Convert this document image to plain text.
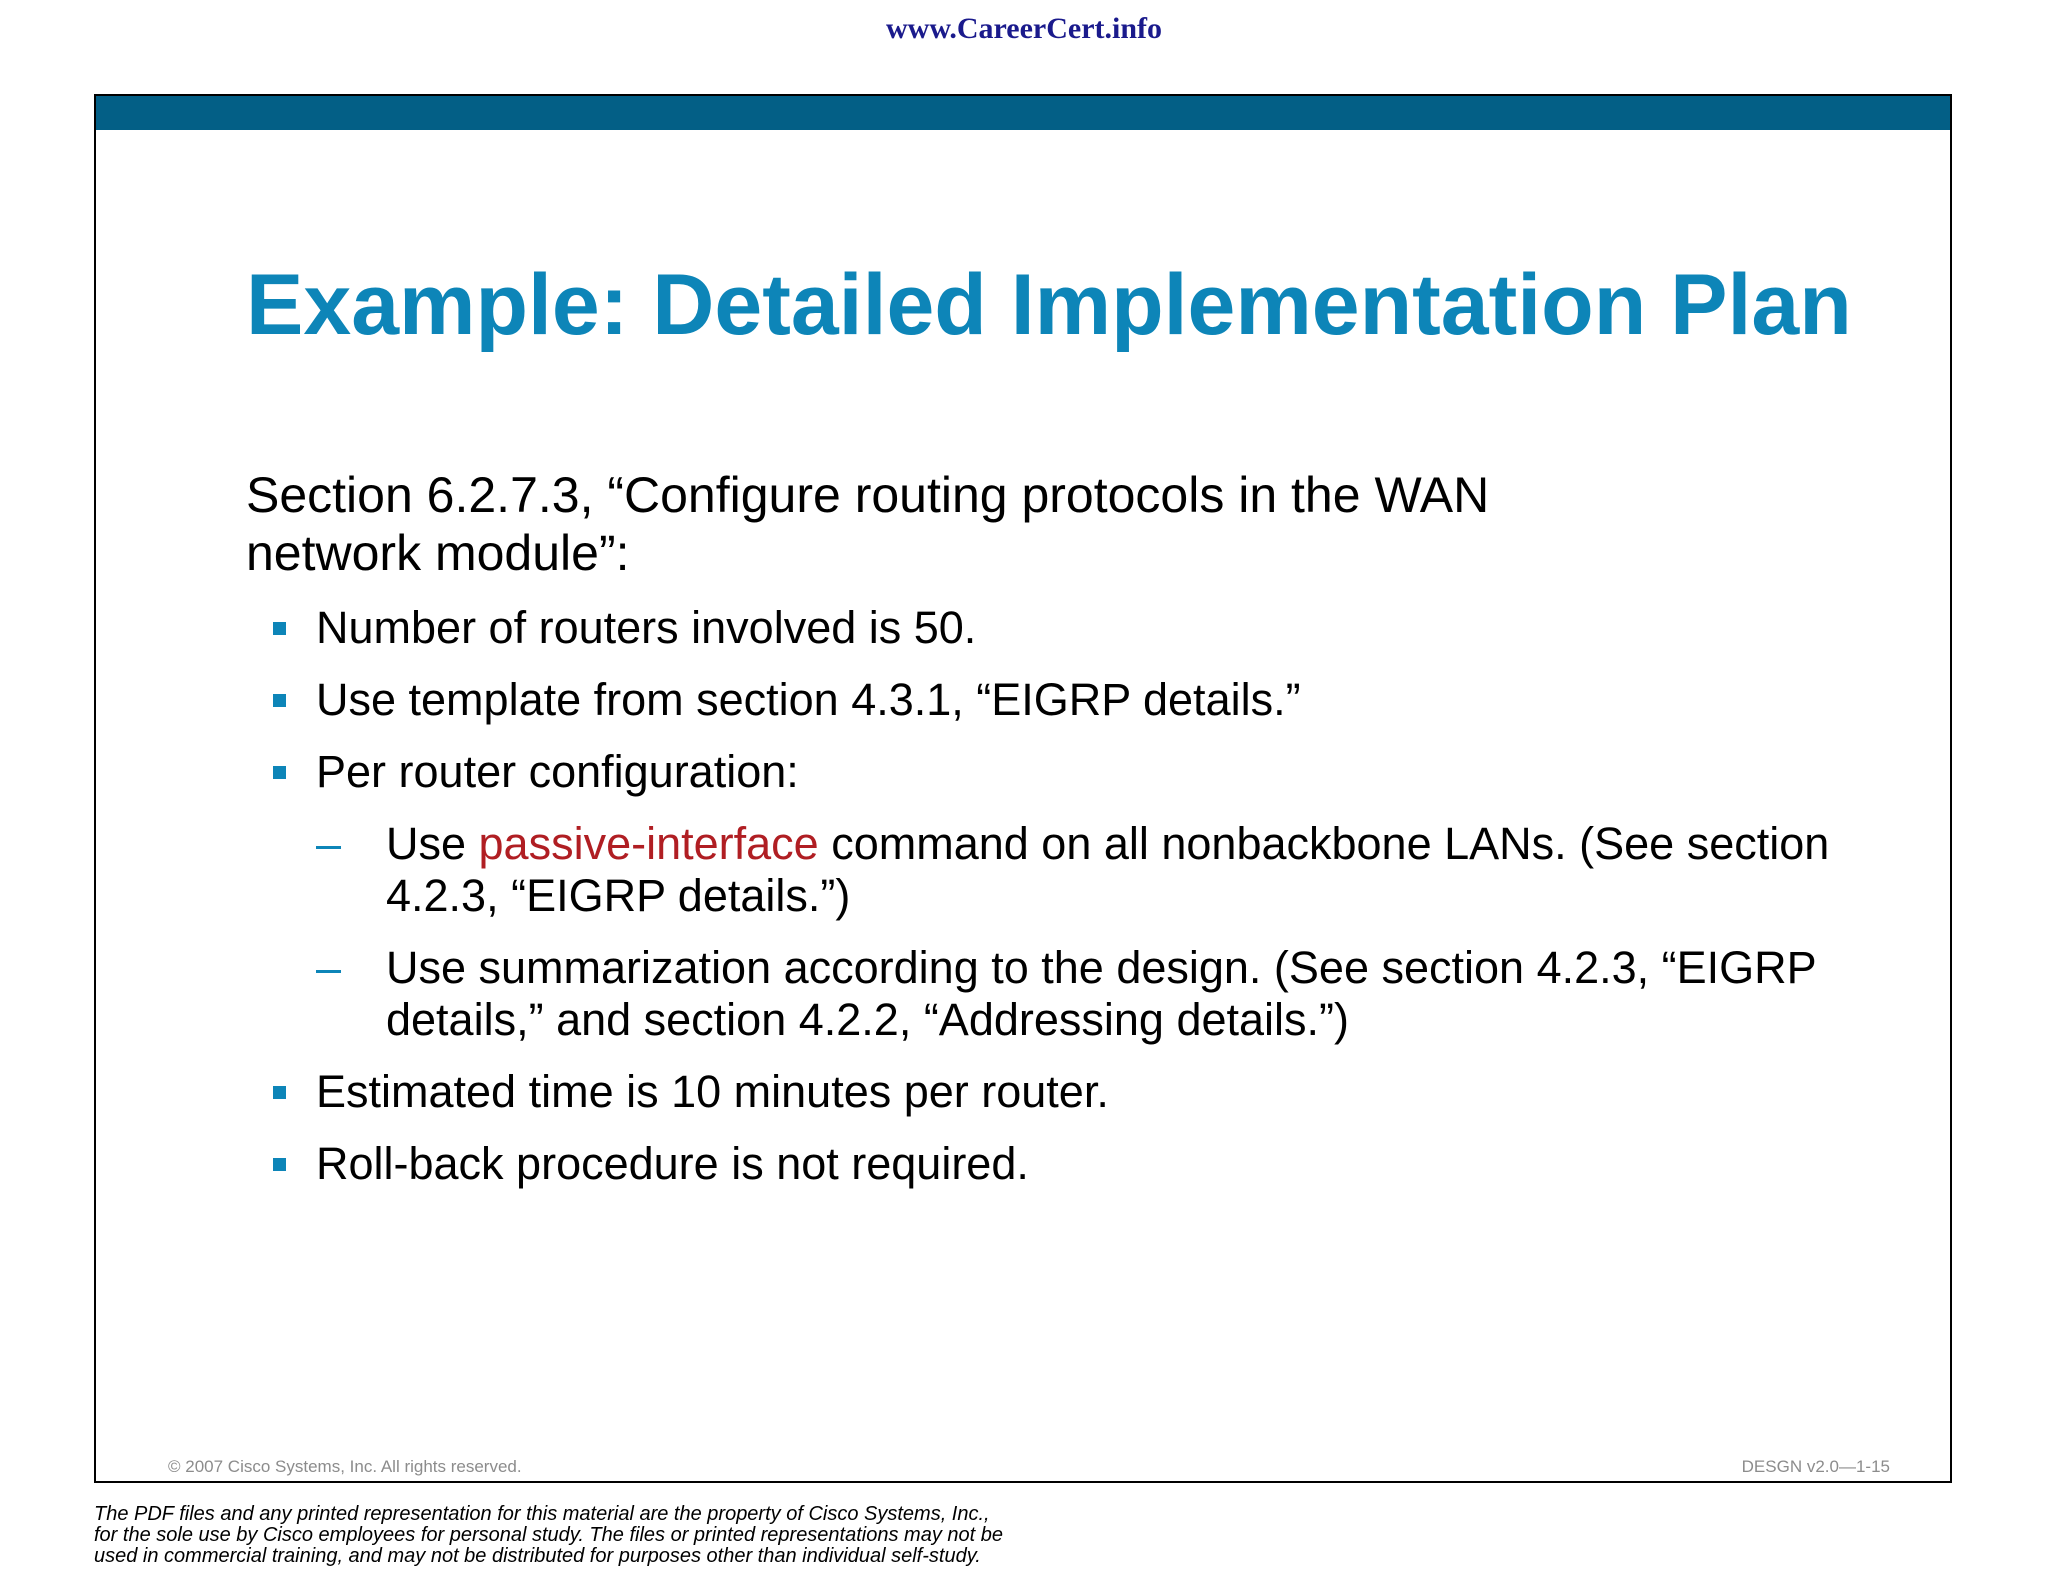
www.CareerCert.info
Example: Detailed Implementation Plan
Section 6.2.7.3, “Configure routing protocols in the WAN network module”:
Number of routers involved is 50.
Use template from section 4.3.1, “EIGRP details.”
Per router configuration:
– Use passive-interface command on all nonbackbone LANs. (See section 4.2.3, “EIGRP details.”)
– Use summarization according to the design. (See section 4.2.3, “EIGRP details,” and section 4.2.2, “Addressing details.”)
Estimated time is 10 minutes per router.
Roll-back procedure is not required.
© 2007 Cisco Systems, Inc. All rights reserved.	DESGN v2.0—1-15
The PDF files and any printed representation for this material are the property of Cisco Systems, Inc.,
for the sole use by Cisco employees for personal study. The files or printed representations may not be
used in commercial training, and may not be distributed for purposes other than individual self-study.
